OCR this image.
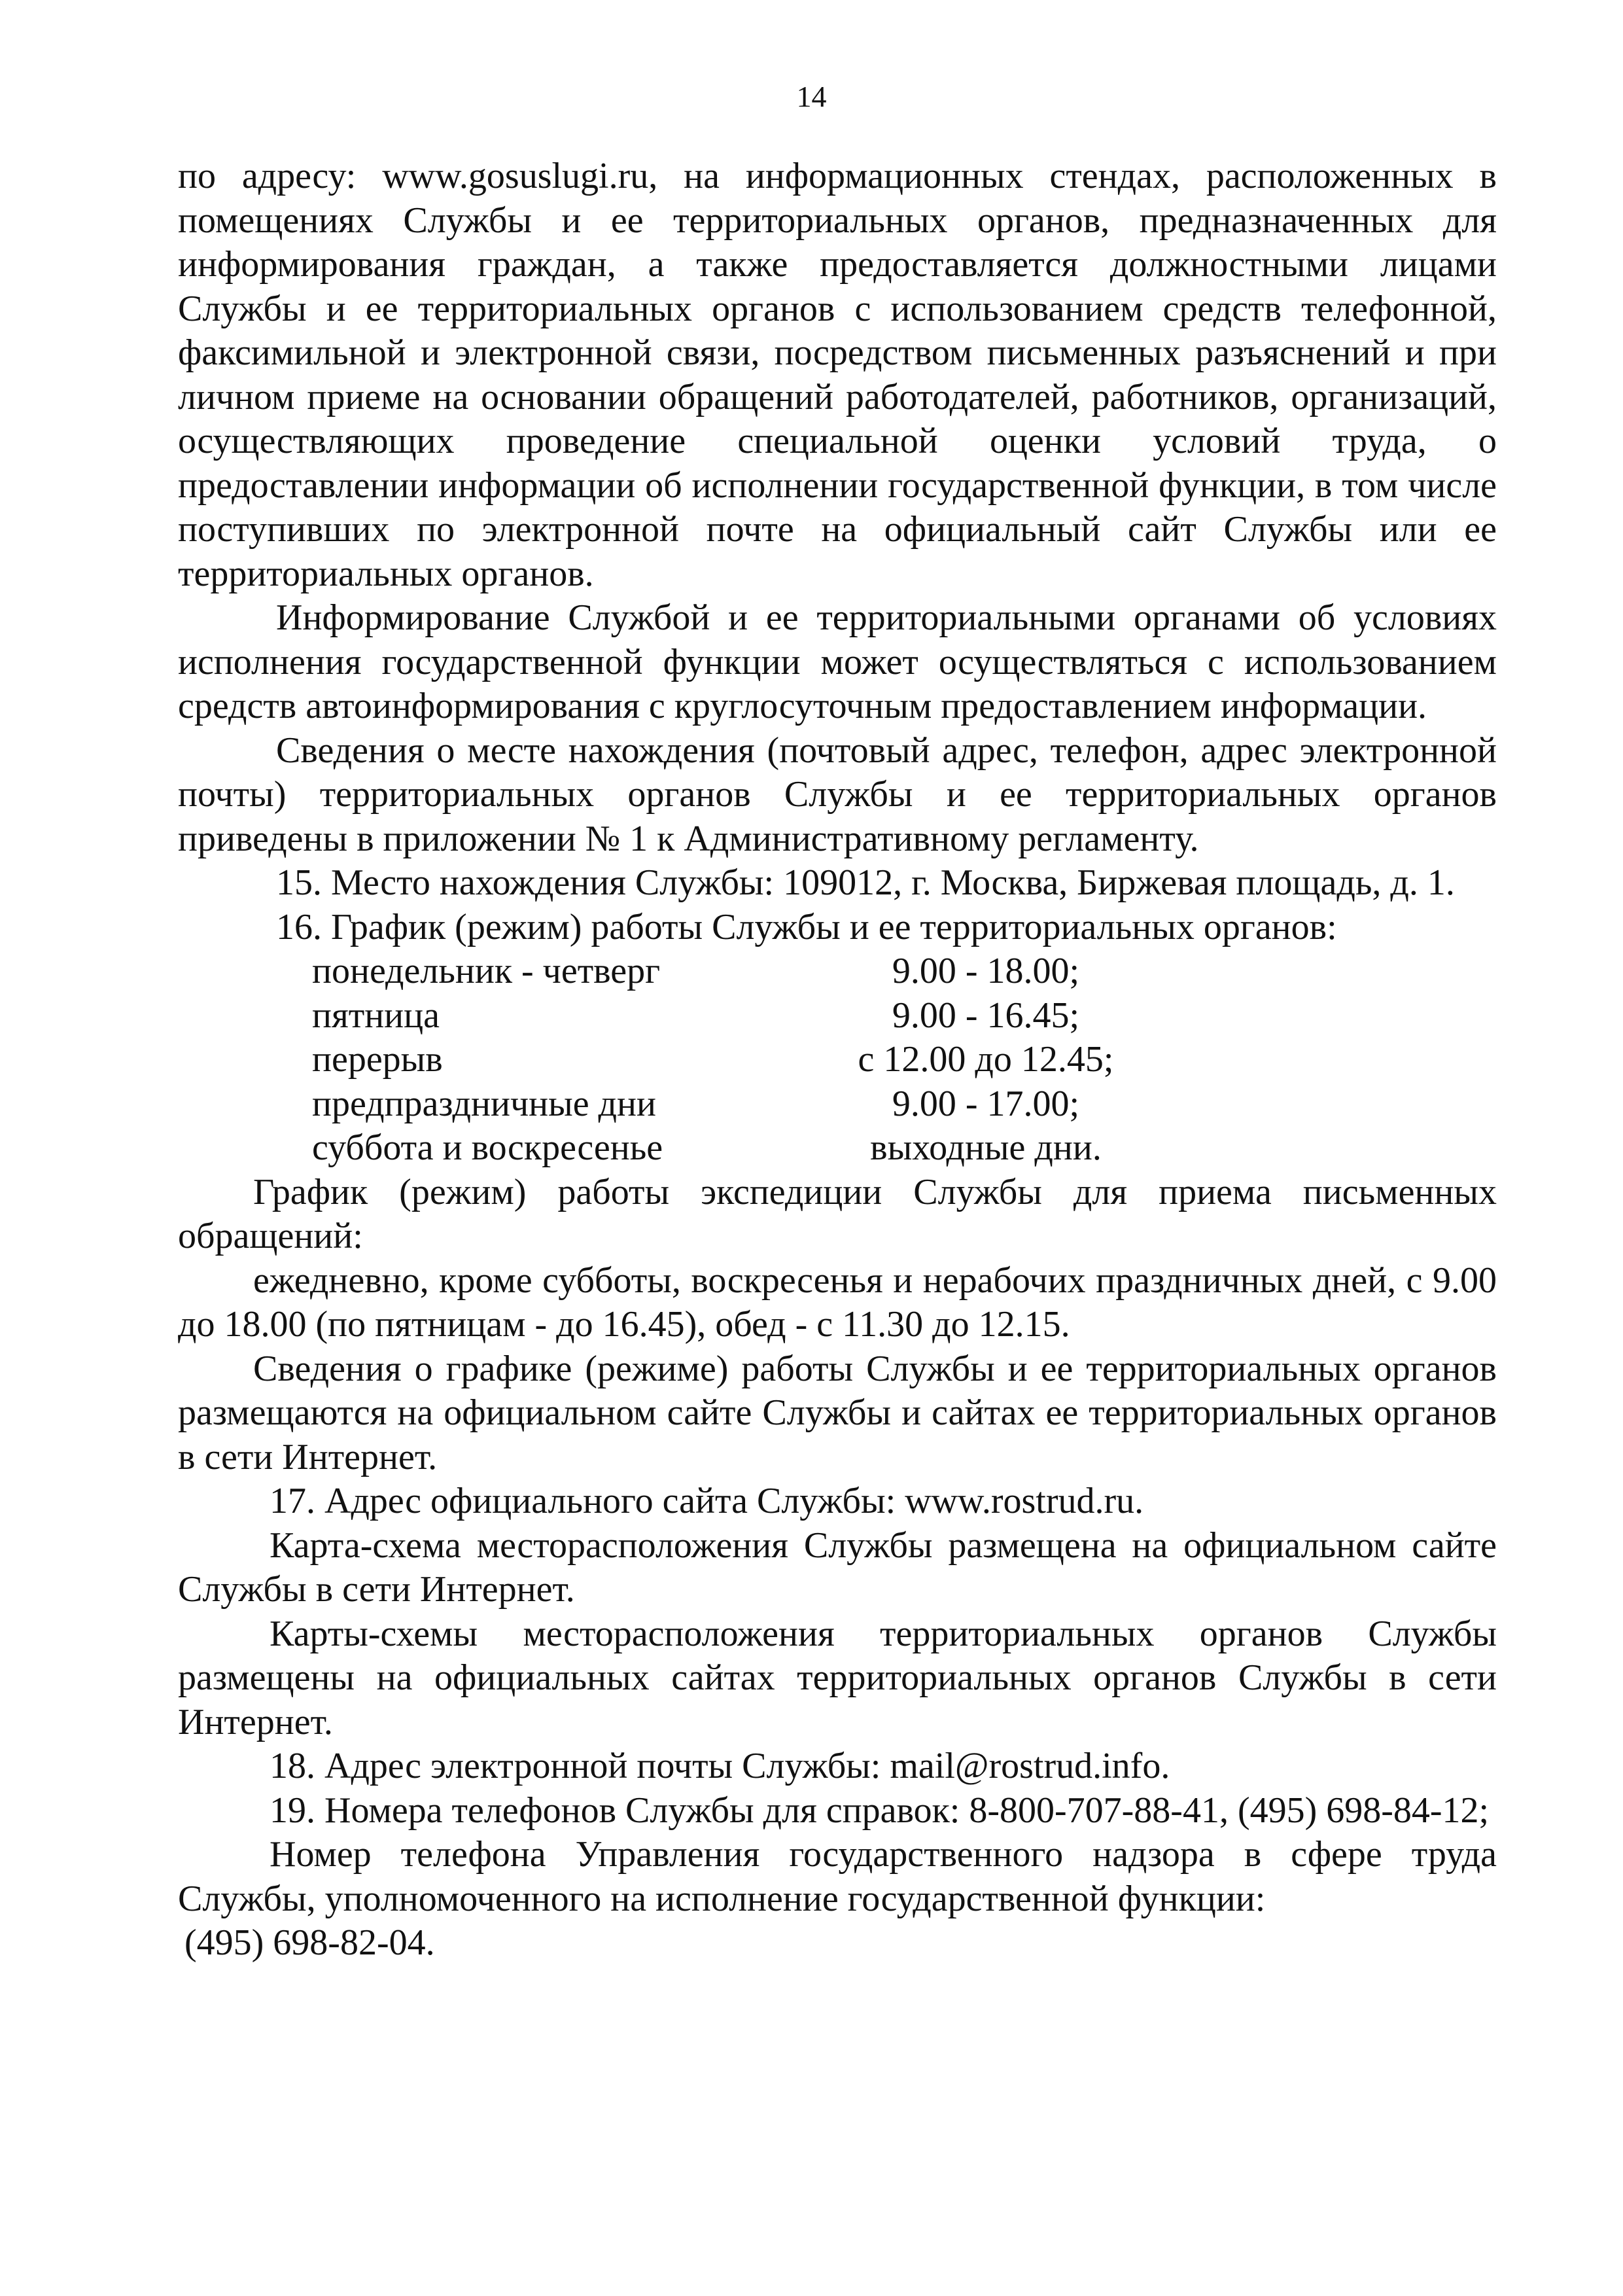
14

по адресу: www.gosuslugi.ru, на информационных стендах, расположенных в помещениях Службы и ее территориальных органов, предназначенных для информирования граждан, а также предоставляется должностными лицами Службы и ее территориальных органов с использованием средств телефонной, факсимильной и электронной связи, посредством письменных разъяснений и при личном приеме на основании обращений работодателей, работников, организаций, осуществляющих проведение специальной оценки условий труда, о предоставлении информации об исполнении государственной функции, в том числе поступивших по электронной почте на официальный сайт Службы или ее территориальных органов.

Информирование Службой и ее территориальными органами об условиях исполнения государственной функции может осуществляться с использованием средств автоинформирования с круглосуточным предоставлением информации.

Сведения о месте нахождения (почтовый адрес, телефон, адрес электронной почты) территориальных органов Службы и ее территориальных органов приведены в приложении № 1 к Административному регламенту.

15. Место нахождения Службы: 109012, г. Москва, Биржевая площадь, д. 1.

16. График (режим) работы Службы и ее территориальных органов:

понедельник - четверг	9.00 - 18.00;
пятница	9.00 - 16.45;
перерыв	с 12.00 до 12.45;
предпраздничные дни	9.00 - 17.00;
суббота и воскресенье	выходные дни.

График (режим) работы экспедиции Службы для приема письменных обращений:

ежедневно, кроме субботы, воскресенья и нерабочих праздничных дней, с 9.00 до 18.00 (по пятницам - до 16.45), обед - с 11.30 до 12.15.

Сведения о графике (режиме) работы Службы и ее территориальных органов размещаются на официальном сайте Службы и сайтах ее территориальных органов в сети Интернет.

17. Адрес официального сайта Службы: www.rostrud.ru.

Карта-схема месторасположения Службы размещена на официальном сайте Службы в сети Интернет.

Карты-схемы месторасположения территориальных органов Службы размещены на официальных сайтах территориальных органов Службы в сети Интернет.

18. Адрес электронной почты Службы: mail@rostrud.info.

19. Номера телефонов Службы для справок: 8-800-707-88-41, (495) 698-84-12;

Номер телефона Управления государственного надзора в сфере труда Службы, уполномоченного на исполнение государственной функции:

(495) 698-82-04.
